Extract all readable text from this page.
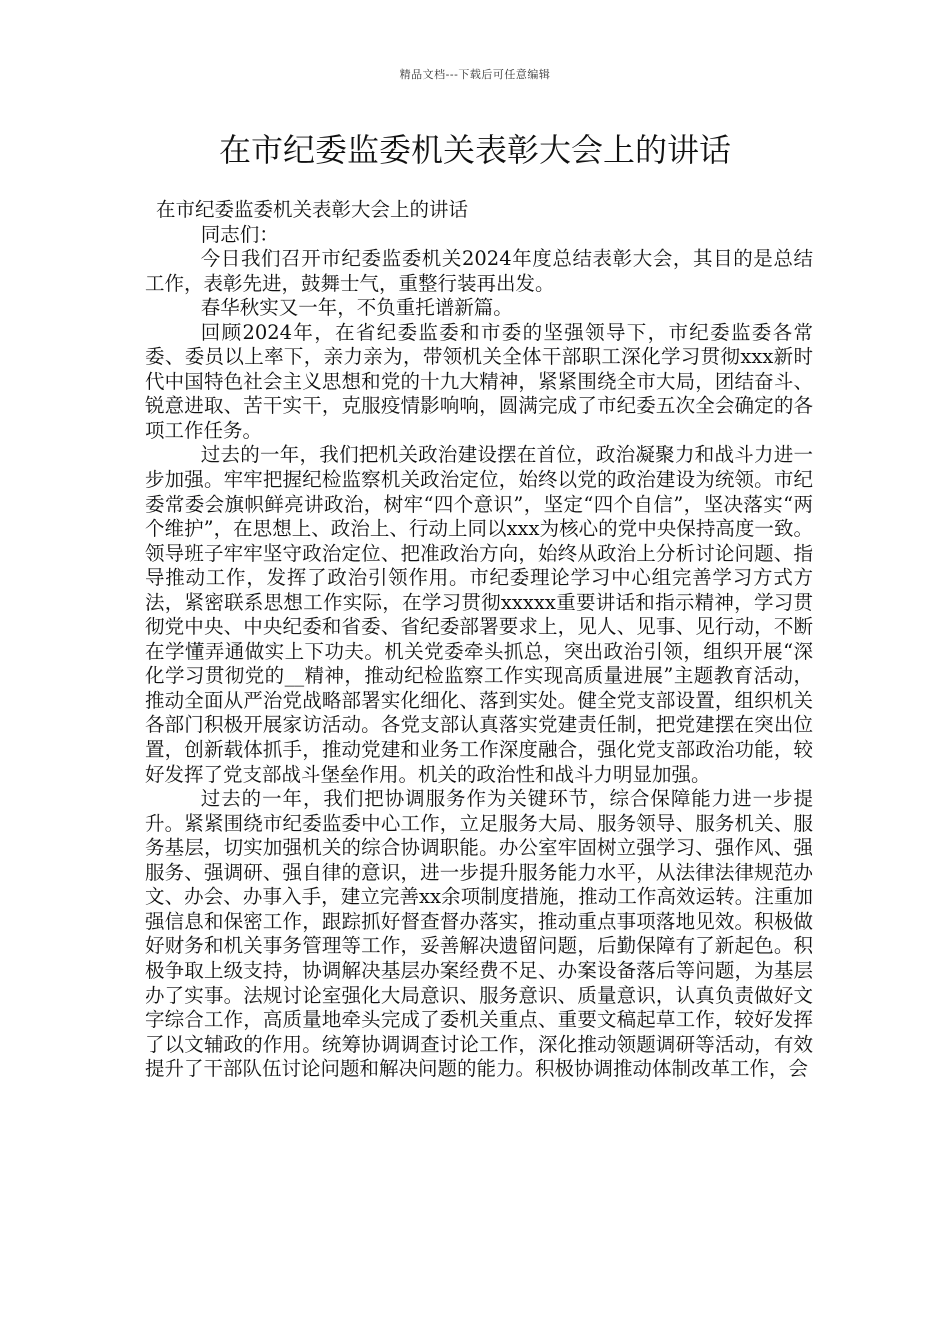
精品文档---下载后可任意编辑
在市纪委监委机关表彰大会上的讲话

在市纪委监委机关表彰大会上的讲话

同志们：

今日我们召开市纪委监委机关2024年度总结表彰大会，其目的是总结工作，表彰先进，鼓舞士气，重整行装再出发。

春华秋实又一年，不负重托谱新篇。

回顾2024年，在省纪委监委和市委的坚强领导下，市纪委监委各常委、委员以上率下，亲力亲为，带领机关全体干部职工深化学习贯彻xxx新时代中国特色社会主义思想和党的十九大精神，紧紧围绕全市大局，团结奋斗、锐意进取、苦干实干，克服疫情影响响，圆满完成了市纪委五次全会确定的各项工作任务。

过去的一年，我们把机关政治建设摆在首位，政治凝聚力和战斗力进一步加强。牢牢把握纪检监察机关政治定位，始终以党的政治建设为统领。市纪委常委会旗帜鲜亮讲政治，树牢“四个意识”，坚定“四个自信”，坚决落实“两个维护”，在思想上、政治上、行动上同以xxx为核心的党中央保持高度一致。领导班子牢牢坚守政治定位、把准政治方向，始终从政治上分析讨论问题、指导推动工作，发挥了政治引领作用。市纪委理论学习中心组完善学习方式方法，紧密联系思想工作实际，在学习贯彻xxxxx重要讲话和指示精神，学习贯彻党中央、中央纪委和省委、省纪委部署要求上，见人、见事、见行动，不断在学懂弄通做实上下功夫。机关党委牵头抓总，突出政治引领，组织开展“深化学习贯彻党的__精神，推动纪检监察工作实现高质量进展”主题教育活动，推动全面从严治党战略部署实化细化、落到实处。健全党支部设置，组织机关各部门积极开展家访活动。各党支部认真落实党建责任制，把党建摆在突出位置，创新载体抓手，推动党建和业务工作深度融合，强化党支部政治功能，较好发挥了党支部战斗堡垒作用。机关的政治性和战斗力明显加强。

过去的一年，我们把协调服务作为关键环节，综合保障能力进一步提升。紧紧围绕市纪委监委中心工作，立足服务大局、服务领导、服务机关、服务基层，切实加强机关的综合协调职能。办公室牢固树立强学习、强作风、强服务、强调研、强自律的意识，进一步提升服务能力水平，从法律法律规范办文、办会、办事入手，建立完善xx余项制度措施，推动工作高效运转。注重加强信息和保密工作，跟踪抓好督查督办落实，推动重点事项落地见效。积极做好财务和机关事务管理等工作，妥善解决遗留问题，后勤保障有了新起色。积极争取上级支持，协调解决基层办案经费不足、办案设备落后等问题，为基层办了实事。法规讨论室强化大局意识、服务意识、质量意识，认真负责做好文字综合工作，高质量地牵头完成了委机关重点、重要文稿起草工作，较好发挥了以文辅政的作用。统筹协调调查讨论工作，深化推动领题调研等活动，有效提升了干部队伍讨论问题和解决问题的能力。积极协调推动体制改革工作，会
